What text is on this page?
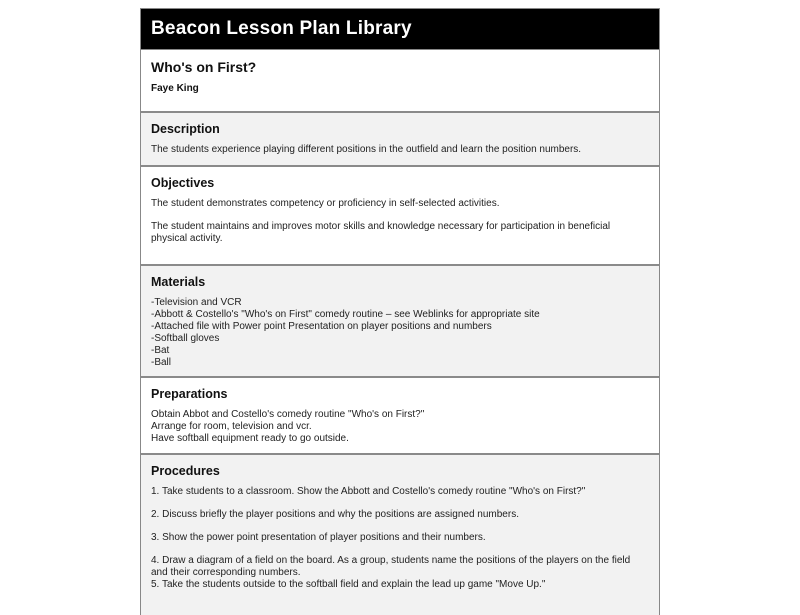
Beacon Lesson Plan Library
Who's on First?
Faye King
Description
The students experience playing different positions in the outfield and learn the position numbers.
Objectives
The student demonstrates competency or proficiency in self-selected activities.
The student maintains and improves motor skills and knowledge necessary for participation in beneficial physical activity.
Materials
-Television and VCR
-Abbott & Costello's "Who's on First" comedy routine – see Weblinks for appropriate site
-Attached file with Power point Presentation on player positions and numbers
-Softball gloves
-Bat
-Ball
Preparations
Obtain Abbot and Costello's comedy routine "Who's on First?"
Arrange for room, television and vcr.
Have softball equipment ready to go outside.
Procedures
1. Take students to a classroom. Show the Abbott and Costello's comedy routine "Who's on First?"
2. Discuss briefly the player positions and why the positions are assigned numbers.
3. Show the power point presentation of player positions and their numbers.
4. Draw a diagram of a field on the board. As a group, students name the positions of the players on the field and their corresponding numbers.
5. Take the students outside to the softball field and explain the lead up game "Move Up."
